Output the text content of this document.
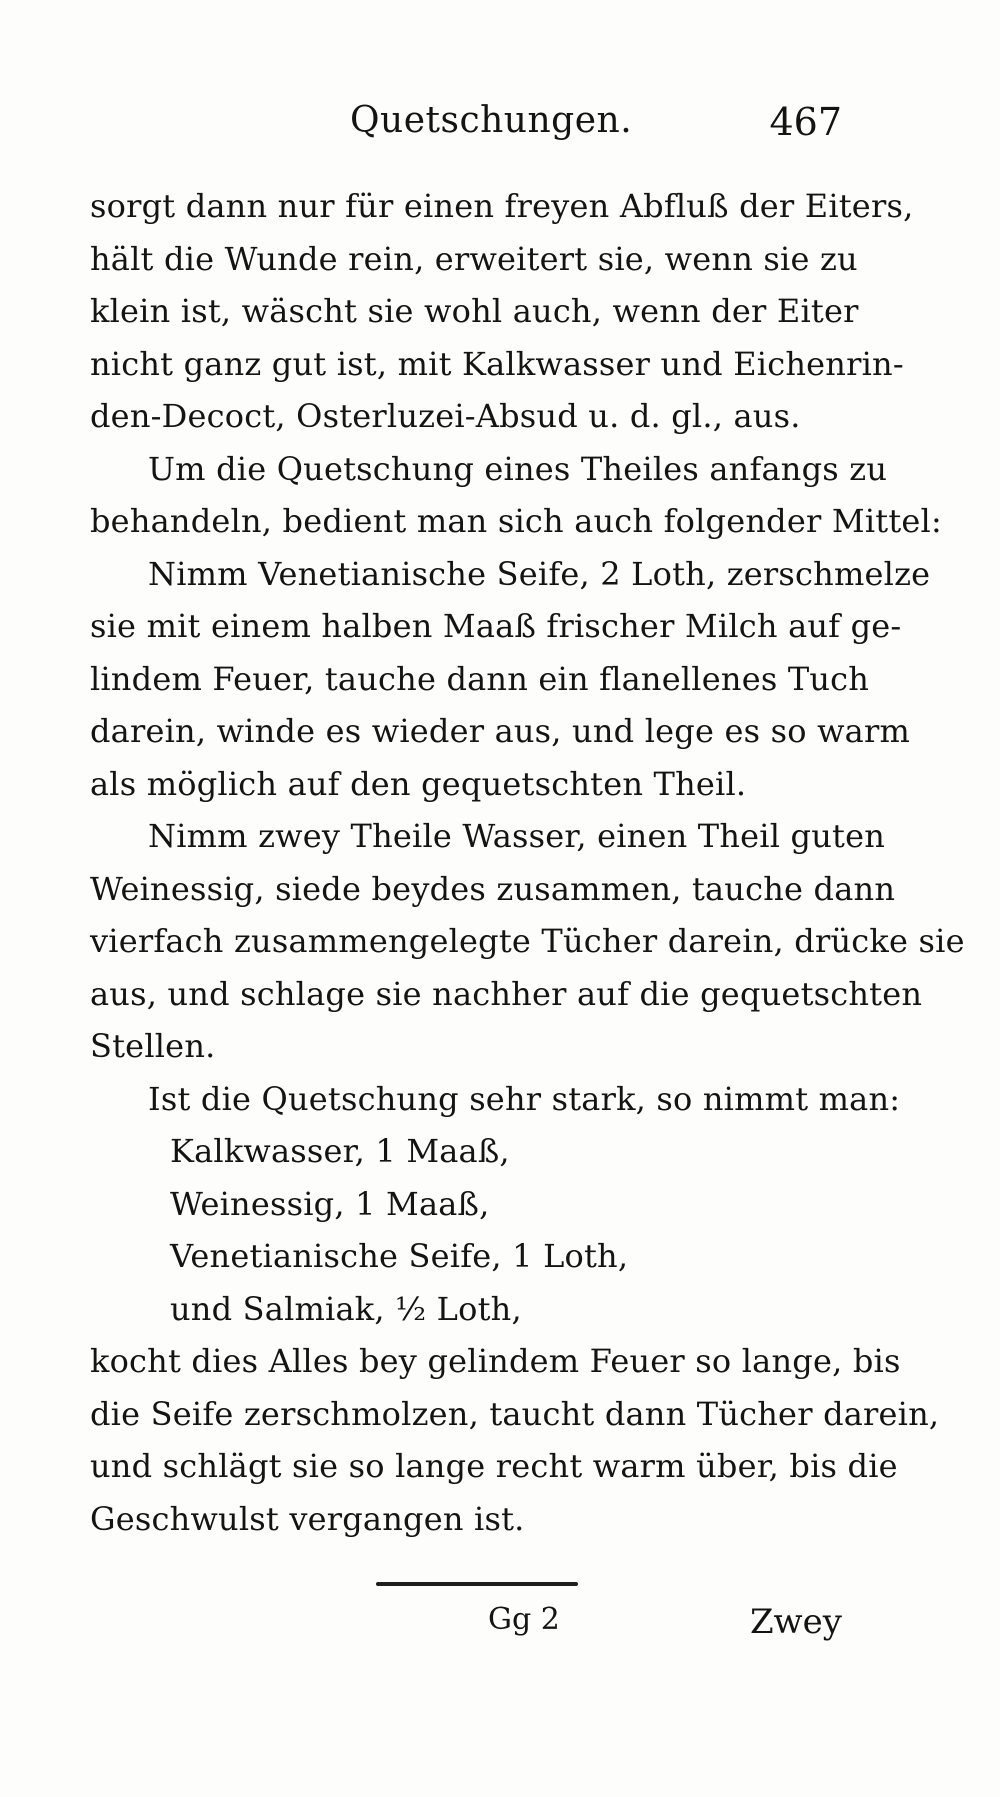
Quetschungen.	467
sorgt dann nur für einen freyen Abfluß der Eiters,
hält die Wunde rein, erweitert sie, wenn sie zu
klein ist, wäscht sie wohl auch, wenn der Eiter
nicht ganz gut ist, mit Kalkwasser und Eichenrin-
den-Decoct, Osterluzei-Absud u. d. gl., aus.
Um die Quetschung eines Theiles anfangs zu
behandeln, bedient man sich auch folgender Mittel:
Nimm Venetianische Seife, 2 Loth, zerschmelze
sie mit einem halben Maaß frischer Milch auf ge-
lindem Feuer, tauche dann ein flanellenes Tuch
darein, winde es wieder aus, und lege es so warm
als möglich auf den gequetschten Theil.
Nimm zwey Theile Wasser, einen Theil guten
Weinessig, siede beydes zusammen, tauche dann
vierfach zusammengelegte Tücher darein, drücke sie
aus, und schlage sie nachher auf die gequetschten
Stellen.
Ist die Quetschung sehr stark, so nimmt man:
Kalkwasser, 1 Maaß,
Weinessig, 1 Maaß,
Venetianische Seife, 1 Loth,
und Salmiak, ½ Loth,
kocht dies Alles bey gelindem Feuer so lange, bis
die Seife zerschmolzen, taucht dann Tücher darein,
und schlägt sie so lange recht warm über, bis die
Geschwulst vergangen ist.
Gg 2	Zwey
